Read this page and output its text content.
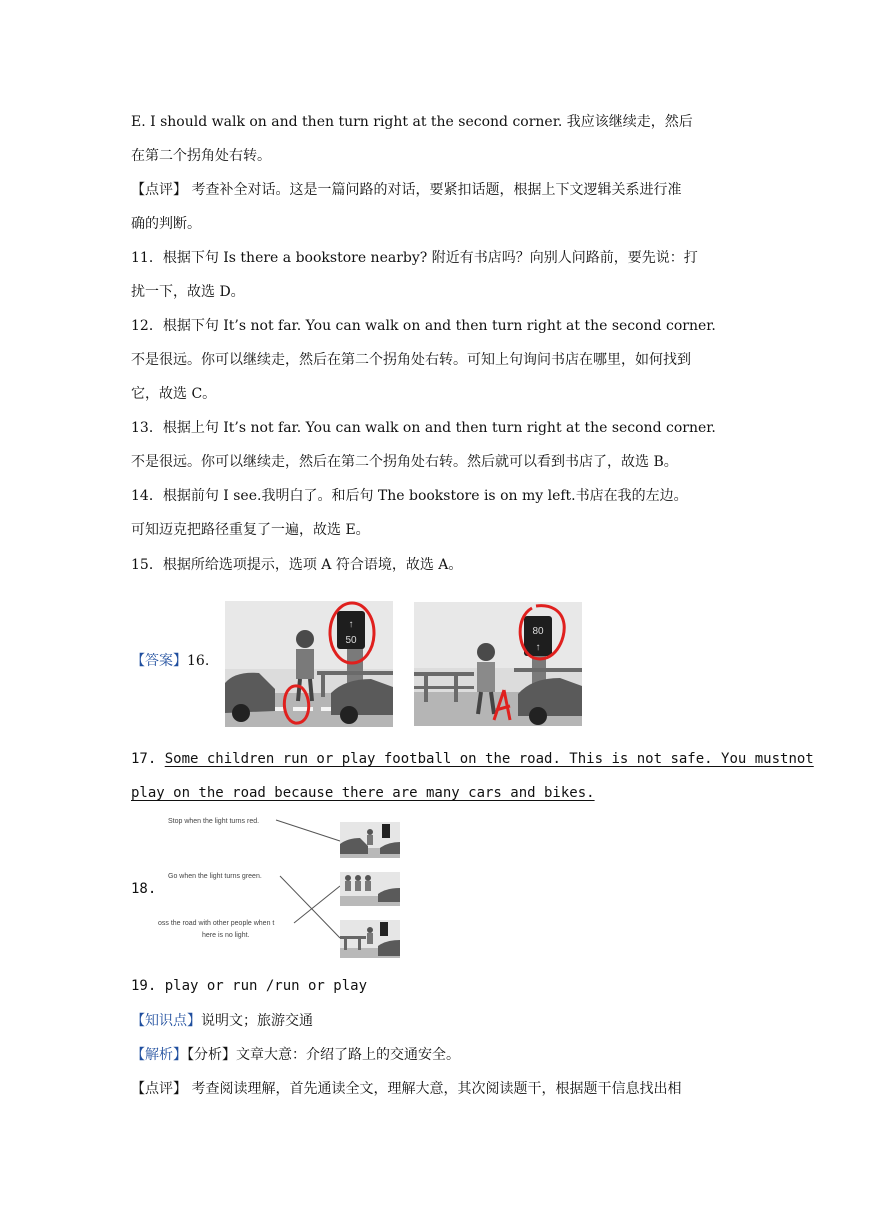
E. I should walk on and then turn right at the second corner. 我应该继续走，然后
在第二个拐角处右转。
【点评】 考查补全对话。这是一篇问路的对话，要紧扣话题，根据上下文逻辑关系进行准
确的判断。
11．根据下句 Is there a bookstore nearby? 附近有书店吗？向别人问路前，要先说：打
扰一下，故选 D。
12．根据下句 It’s not far. You can walk on and then turn right at the second corner.
不是很远。你可以继续走，然后在第二个拐角处右转。可知上句询问书店在哪里，如何找到
它，故选 C。
13．根据上句 It’s not far. You can walk on and then turn right at the second corner.
不是很远。你可以继续走，然后在第二个拐角处右转。然后就可以看到书店了，故选 B。
14．根据前句 I see.我明白了。和后句 The bookstore is on my left.书店在我的左边。
可知迈克把路径重复了一遍，故选 E。
15．根据所给选项提示，选项 A 符合语境，故选 A。
【答案】16.
↑
50
80
↑
17. Some children run or play football on the road. This is not safe. You mustnot
play on the road because there are many cars and bikes.
18.
Stop when the light turns red.
Go when the light turns green.
oss the road with other people when t
here is no light.
19. play or run /run or play
【知识点】说明文；旅游交通
【解析】【分析】文章大意：介绍了路上的交通安全。
【点评】 考查阅读理解，首先通读全文，理解大意，其次阅读题干，根据题干信息找出相
